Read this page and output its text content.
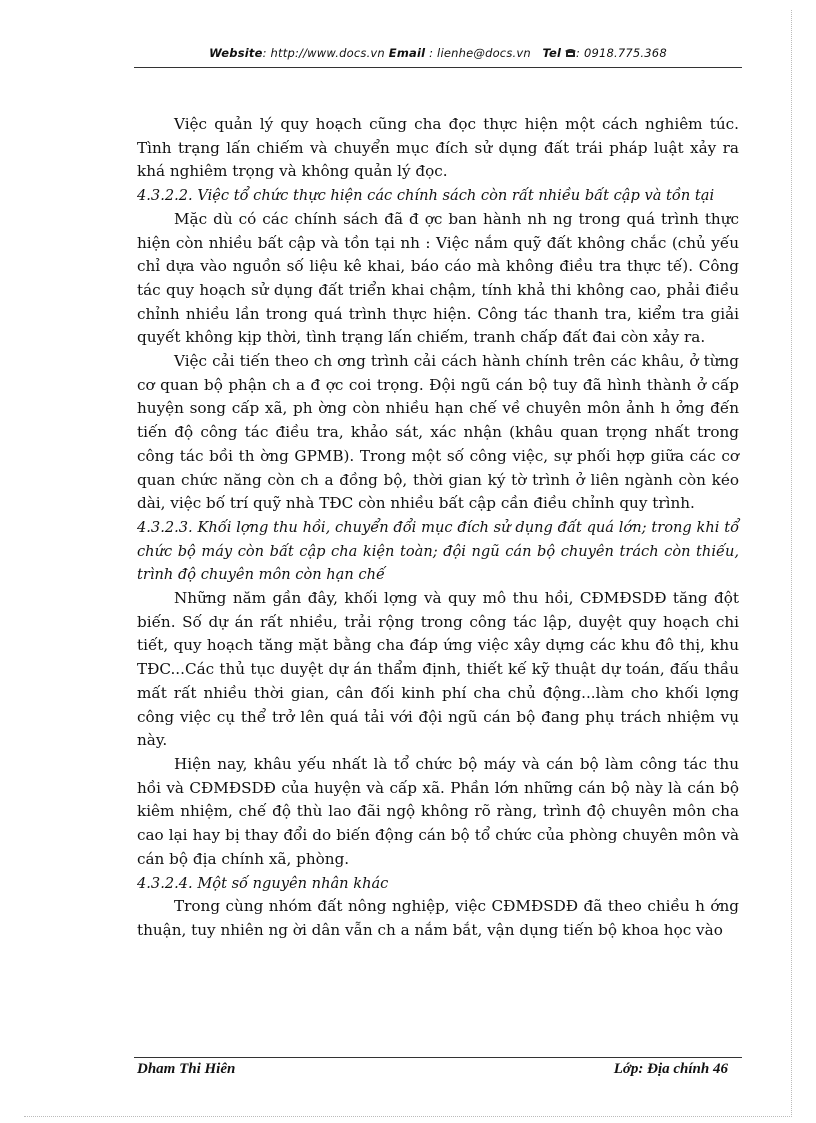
Website: http://www.docs.vn Email : lienhe@docs.vn Tel : 0918.775.368

Việc quản lý quy hoạch cũng cha đọc thực hiện một cách nghiêm túc. Tình trạng lấn chiếm và chuyển mục đích sử dụng đất trái pháp luật xảy ra khá nghiêm trọng và không quản lý đọc.

4.3.2.2. Việc tổ chức thực hiện các chính sách còn rất nhiều bất cập và tồn tại

Mặc dù có các chính sách đã đ ợc ban hành nh ng trong quá trình thực hiện còn nhiều bất cập và tồn tại nh : Việc nắm quỹ đất không chắc (chủ yếu chỉ dựa vào nguồn số liệu kê khai, báo cáo mà không điều tra thực tế). Công tác quy hoạch sử dụng đất triển khai chậm, tính khả thi không cao, phải điều chỉnh nhiều lần trong quá trình thực hiện. Công tác thanh tra, kiểm tra giải quyết không kịp thời, tình trạng lấn chiếm, tranh chấp đất đai còn xảy ra.

Việc cải tiến theo ch ơng trình cải cách hành chính trên các khâu, ở từng cơ quan bộ phận ch a đ ợc coi trọng. Đội ngũ cán bộ tuy đã hình thành ở cấp huyện song cấp xã, ph ờng còn nhiều hạn chế về chuyên môn ảnh h ởng đến tiến độ công tác điều tra, khảo sát, xác nhận (khâu quan trọng nhất trong công tác bồi th ờng GPMB). Trong một số công việc, sự phối hợp giữa các cơ quan chức năng còn ch a đồng bộ, thời gian ký tờ trình ở liên ngành còn kéo dài, việc bố trí quỹ nhà TĐC còn nhiều bất cập cần điều chỉnh quy trình.

4.3.2.3. Khối lợng thu hồi, chuyển đổi mục đích sử dụng đất quá lớn; trong khi tổ chức bộ máy còn bất cập cha kiện toàn; đội ngũ cán bộ chuyên trách còn thiếu, trình độ chuyên môn còn hạn chế

Những năm gần đây, khối lợng và quy mô thu hồi, CĐMĐSDĐ tăng đột biến. Số dự án rất nhiều, trải rộng trong công tác lập, duyệt quy hoạch chi tiết, quy hoạch tăng mặt bằng cha đáp ứng việc xây dựng các khu đô thị, khu TĐC...Các thủ tục duyệt dự án thẩm định, thiết kế kỹ thuật dự toán, đấu thầu mất rất nhiều thời gian, cân đối kinh phí cha chủ động...làm cho khối lợng công việc cụ thể trở lên quá tải với đội ngũ cán bộ đang phụ trách nhiệm vụ này.

Hiện nay, khâu yếu nhất là tổ chức bộ máy và cán bộ làm công tác thu hồi và CĐMĐSDĐ của huyện và cấp xã. Phần lớn những cán bộ này là cán bộ kiêm nhiệm, chế độ thù lao đãi ngộ không rõ ràng, trình độ chuyên môn cha cao lại hay bị thay đổi do biến động cán bộ tổ chức của phòng chuyên môn và cán bộ địa chính xã, phòng.

4.3.2.4. Một số nguyên nhân khác

Trong cùng nhóm đất nông nghiệp, việc CĐMĐSDĐ đã theo chiều h ớng thuận, tuy nhiên ng ời dân vẫn ch a nắm bắt, vận dụng tiến bộ khoa học vào

Dham Thi Hiên	Lớp: Địa chính 46
